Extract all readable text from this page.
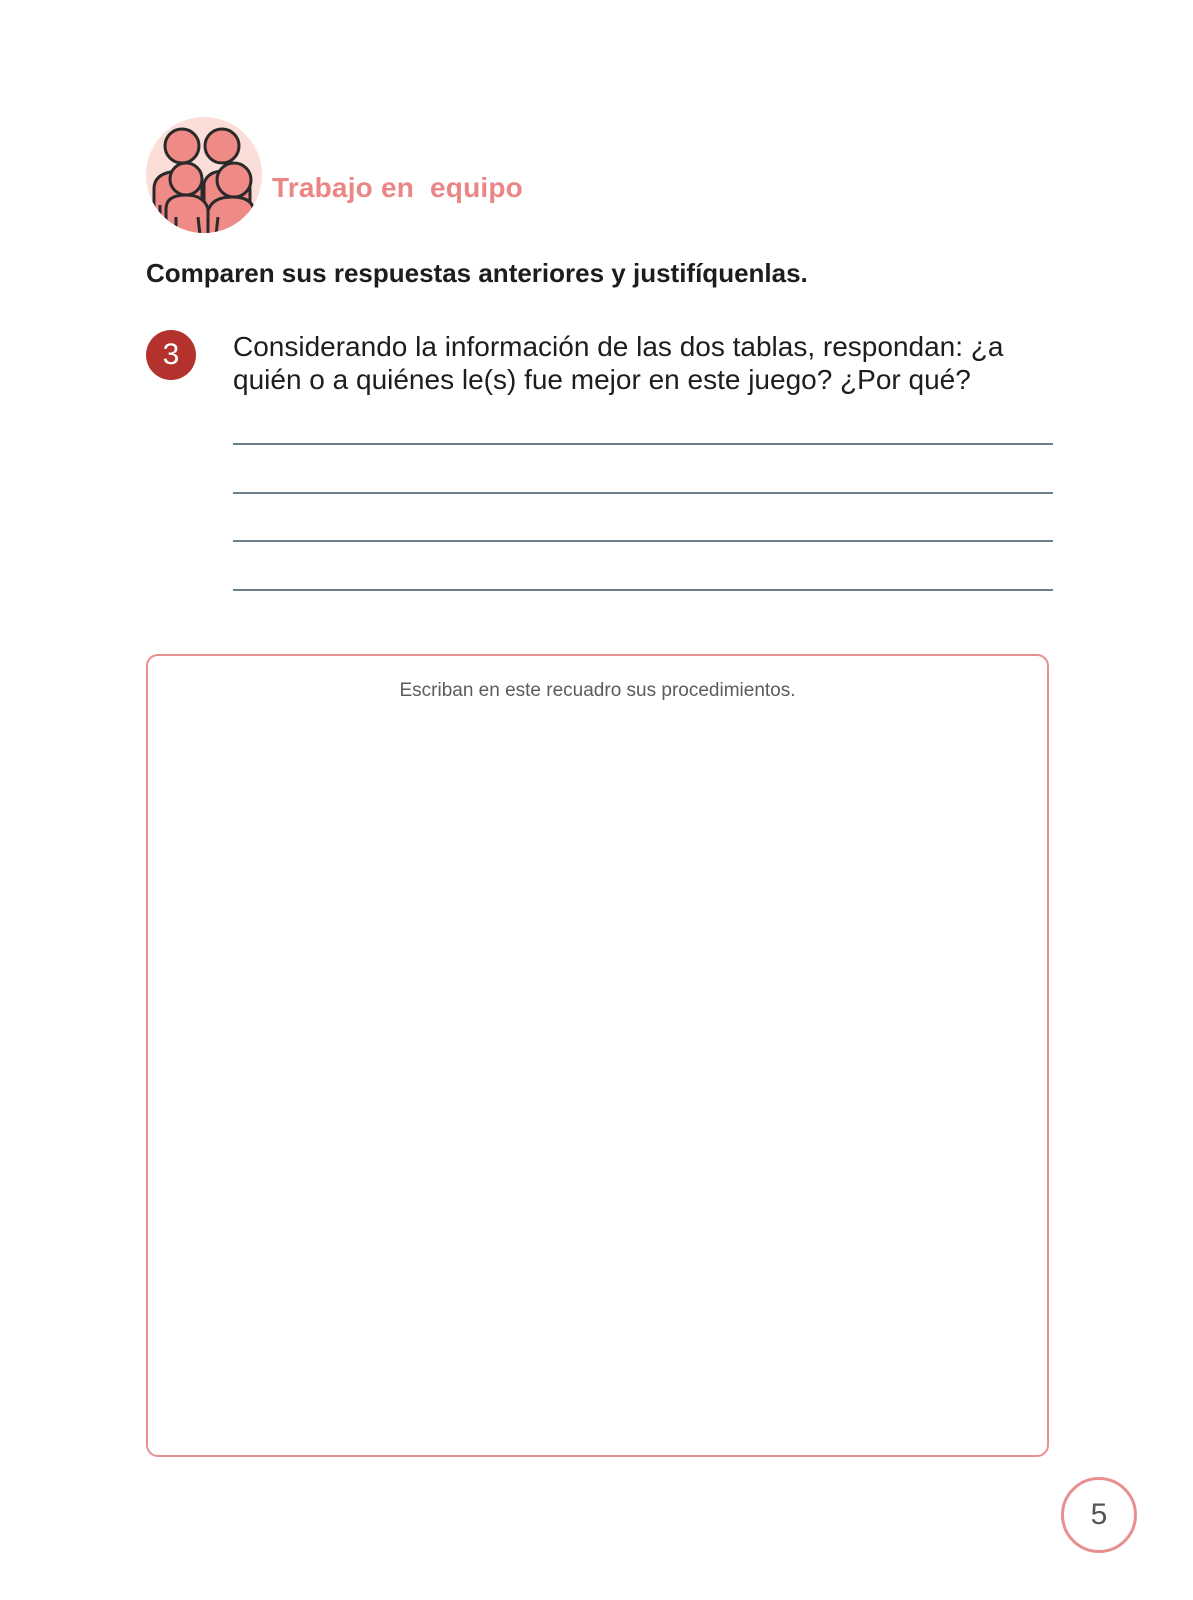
Trabajo en  equipo
Comparen sus respuestas anteriores y justifíquenlas.
3	Considerando la información de las dos tablas, respondan: ¿a quién o a quiénes le(s) fue mejor en este juego? ¿Por qué?
Escriban en este recuadro sus procedimientos.
5
